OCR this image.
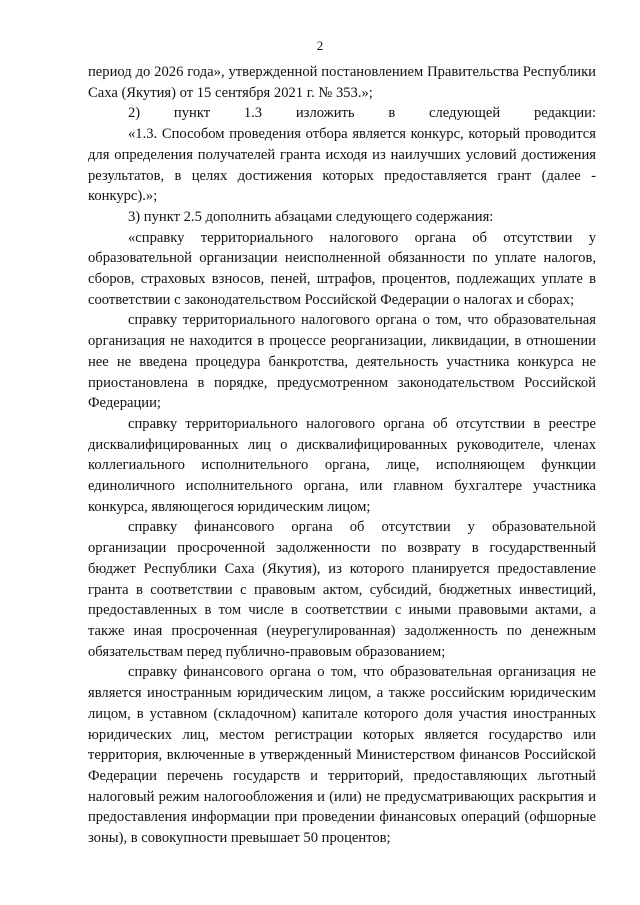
2

период до 2026 года», утвержденной постановлением Правительства Республики Саха (Якутия) от 15 сентября 2021 г. № 353.»;

2) пункт 1.3 изложить в следующей редакции:

«1.3. Способом проведения отбора является конкурс, который проводится для определения получателей гранта исходя из наилучших условий достижения результатов, в целях достижения которых предоставляется грант (далее - конкурс).»;

3) пункт 2.5 дополнить абзацами следующего содержания:

«справку территориального налогового органа об отсутствии у образовательной организации неисполненной обязанности по уплате налогов, сборов, страховых взносов, пеней, штрафов, процентов, подлежащих уплате в соответствии с законодательством Российской Федерации о налогах и сборах;

справку территориального налогового органа о том, что образовательная организация не находится в процессе реорганизации, ликвидации, в отношении нее не введена процедура банкротства, деятельность участника конкурса не приостановлена в порядке, предусмотренном законодательством Российской Федерации;

справку территориального налогового органа об отсутствии в реестре дисквалифицированных лиц о дисквалифицированных руководителе, членах коллегиального исполнительного органа, лице, исполняющем функции единоличного исполнительного органа, или главном бухгалтере участника конкурса, являющегося юридическим лицом;

справку финансового органа об отсутствии у образовательной организации просроченной задолженности по возврату в государственный бюджет Республики Саха (Якутия), из которого планируется предоставление гранта в соответствии с правовым актом, субсидий, бюджетных инвестиций, предоставленных в том числе в соответствии с иными правовыми актами, а также иная просроченная (неурегулированная) задолженность по денежным обязательствам перед публично-правовым образованием;

справку финансового органа о том, что образовательная организация не является иностранным юридическим лицом, а также российским юридическим лицом, в уставном (складочном) капитале которого доля участия иностранных юридических лиц, местом регистрации которых является государство или территория, включенные в утвержденный Министерством финансов Российской Федерации перечень государств и территорий, предоставляющих льготный налоговый режим налогообложения и (или) не предусматривающих раскрытия и предоставления информации при проведении финансовых операций (офшорные зоны), в совокупности превышает 50 процентов;
